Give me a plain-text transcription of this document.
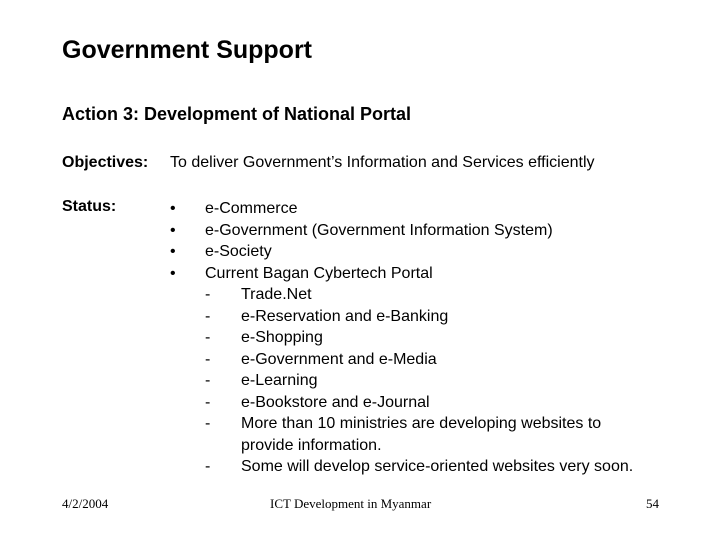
Government Support
Action 3: Development of National Portal
Objectives: To deliver Government’s Information and Services efficiently
Status:	• e-Commerce
• e-Government (Government Information System)
• e-Society
• Current Bagan Cybertech Portal
- Trade.Net
- e-Reservation and e-Banking
- e-Shopping
- e-Government and e-Media
- e-Learning
- e-Bookstore and e-Journal
- More than 10 ministries are developing websites to
provide information.
- Some will develop service-oriented websites very soon.
4/2/2004	ICT Development in Myanmar	54
